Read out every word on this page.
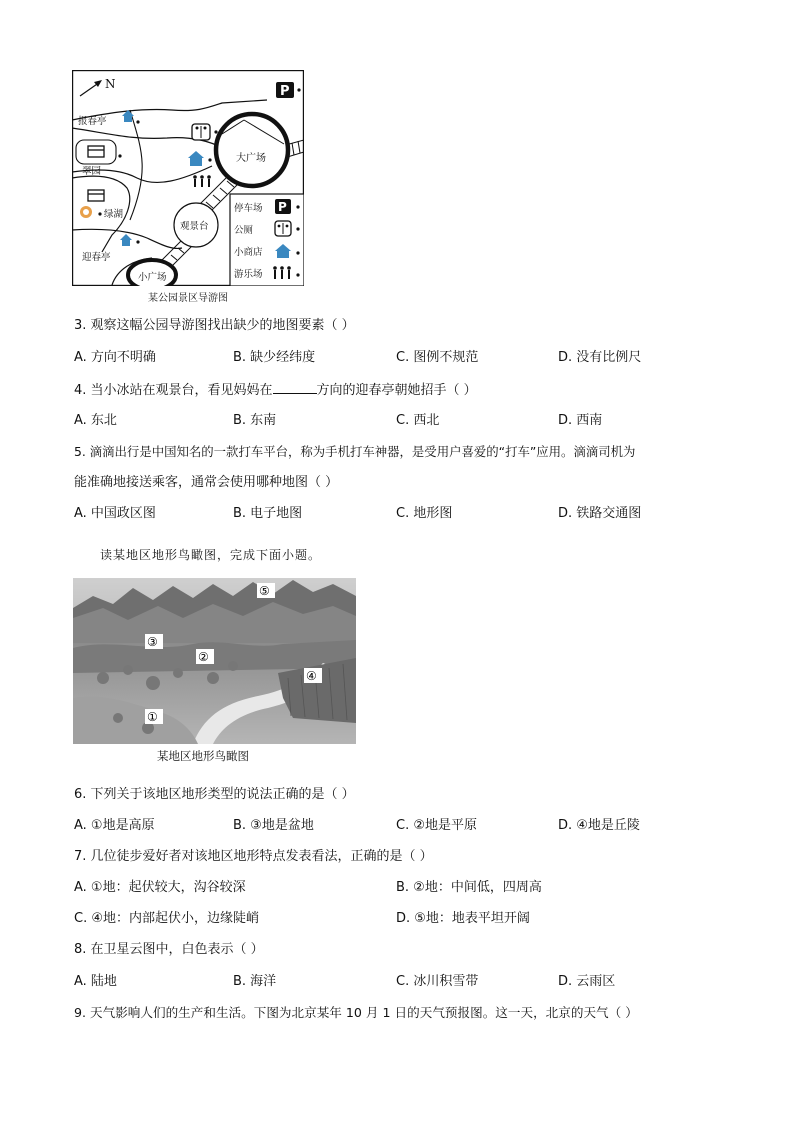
N
大广场
观景台
小广场
报春亭
翠园
绿湖
迎春亭
P
停车场
公厕
小商店
游乐场
P
某公园景区导游图
3. 观察这幅公园导游图找出缺少的地图要素（ ）
A. 方向不明确	B. 缺少经纬度	C. 图例不规范	D. 没有比例尺
4. 当小冰站在观景台，看见妈妈在	方向的迎春亭朝她招手（ ）
A. 东北	B. 东南	C. 西北	D. 西南
5. 滴滴出行是中国知名的一款打车平台，称为手机打车神器，是受用户喜爱的“打车”应用。滴滴司机为
能准确地接送乘客，通常会使用哪种地图（ ）
A. 中国政区图	B. 电子地图	C. 地形图	D. 铁路交通图
读某地区地形鸟瞰图，完成下面小题。
⑤
③
②
④
①
某地区地形鸟瞰图
6. 下列关于该地区地形类型的说法正确的是（ ）
A. ①地是高原	B. ③地是盆地	C. ②地是平原	D. ④地是丘陵
7. 几位徒步爱好者对该地区地形特点发表看法，正确的是（ ）
A. ①地：起伏较大，沟谷较深	B. ②地：中间低，四周高
C. ④地：内部起伏小，边缘陡峭	D. ⑤地：地表平坦开阔
8. 在卫星云图中，白色表示（ ）
A. 陆地	B. 海洋	C. 冰川积雪带	D. 云雨区
9. 天气影响人们的生产和生活。下图为北京某年 10 月 1 日的天气预报图。这一天，北京的天气（ ）
